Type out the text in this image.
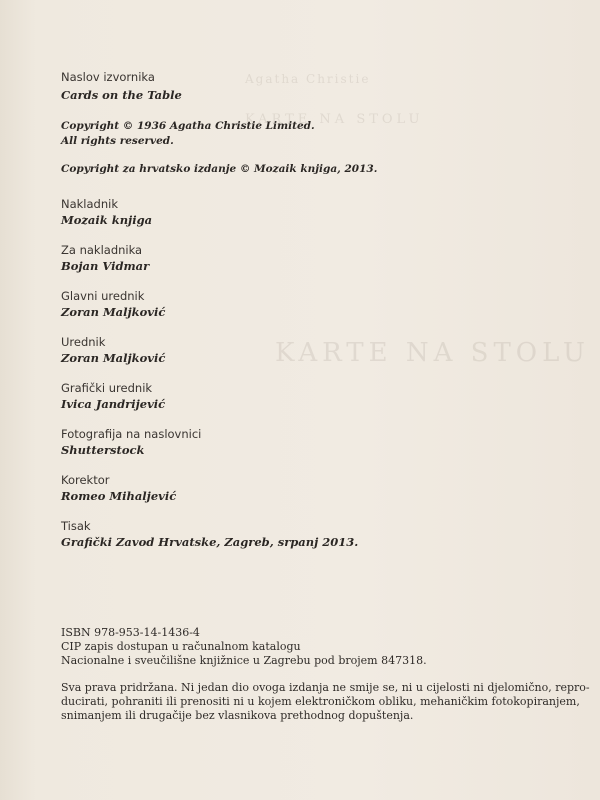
Agatha Christie
KARTE NA STOLU
KARTE NA STOLU
Naslov izvornika
Cards on the Table
Copyright © 1936 Agatha Christie Limited.
All rights reserved.
Copyright za hrvatsko izdanje © Mozaik knjiga, 2013.
Nakladnik
Mozaik knjiga
Za nakladnika
Bojan Vidmar
Glavni urednik
Zoran Maljković
Urednik
Zoran Maljković
Grafički urednik
Ivica Jandrijević
Fotografija na naslovnici
Shutterstock
Korektor
Romeo Mihaljević
Tisak
Grafički Zavod Hrvatske, Zagreb, srpanj 2013.
ISBN 978-953-14-1436-4
CIP zapis dostupan u računalnom katalogu
Nacionalne i sveučilišne knjižnice u Zagrebu pod brojem 847318.
Sva prava pridržana. Ni jedan dio ovoga izdanja ne smije se, ni u cijelosti ni djelomično, repro-
ducirati, pohraniti ili prenositi ni u kojem elektroničkom obliku, mehaničkim fotokopiranjem,
snimanjem ili drugačije bez vlasnikova prethodnog dopuštenja.
